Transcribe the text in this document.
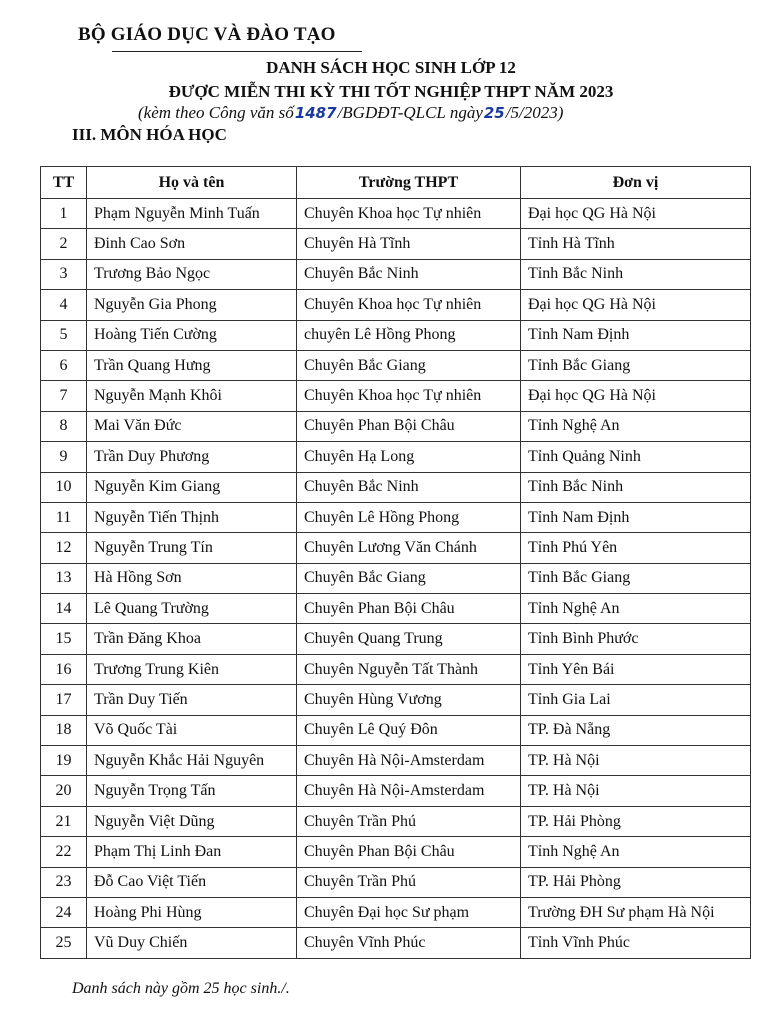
BỘ GIÁO DỤC VÀ ĐÀO TẠO
DANH SÁCH HỌC SINH LỚP 12
ĐƯỢC MIỄN THI KỲ THI TỐT NGHIỆP THPT NĂM 2023
(kèm theo Công văn số1487/BGDĐT-QLCL ngày25/5/2023)
III. MÔN HÓA HỌC
TT	Họ và tên	Trường THPT	Đơn vị
1	Phạm Nguyễn Minh Tuấn	Chuyên Khoa học Tự nhiên	Đại học QG Hà Nội
2	Đinh Cao Sơn	Chuyên Hà Tĩnh	Tỉnh Hà Tĩnh
3	Trương Bảo Ngọc	Chuyên Bắc Ninh	Tỉnh Bắc Ninh
4	Nguyễn Gia Phong	Chuyên Khoa học Tự nhiên	Đại học QG Hà Nội
5	Hoàng Tiến Cường	chuyên Lê Hồng Phong	Tỉnh Nam Định
6	Trần Quang Hưng	Chuyên Bắc Giang	Tỉnh Bắc Giang
7	Nguyễn Mạnh Khôi	Chuyên Khoa học Tự nhiên	Đại học QG Hà Nội
8	Mai Văn Đức	Chuyên Phan Bội Châu	Tỉnh Nghệ An
9	Trần Duy Phương	Chuyên Hạ Long	Tỉnh Quảng Ninh
10	Nguyễn Kim Giang	Chuyên Bắc Ninh	Tỉnh Bắc Ninh
11	Nguyễn Tiến Thịnh	Chuyên Lê Hồng Phong	Tỉnh Nam Định
12	Nguyễn Trung Tín	Chuyên Lương Văn Chánh	Tỉnh Phú Yên
13	Hà Hồng Sơn	Chuyên Bắc Giang	Tỉnh Bắc Giang
14	Lê Quang Trường	Chuyên Phan Bội Châu	Tỉnh Nghệ An
15	Trần Đăng Khoa	Chuyên Quang Trung	Tỉnh Bình Phước
16	Trương Trung Kiên	Chuyên Nguyễn Tất Thành	Tỉnh Yên Bái
17	Trần Duy Tiến	Chuyên Hùng Vương	Tỉnh Gia Lai
18	Võ Quốc Tài	Chuyên Lê Quý Đôn	TP. Đà Nẵng
19	Nguyễn Khắc Hải Nguyên	Chuyên Hà Nội-Amsterdam	TP. Hà Nội
20	Nguyễn Trọng Tấn	Chuyên Hà Nội-Amsterdam	TP. Hà Nội
21	Nguyễn Việt Dũng	Chuyên Trần Phú	TP. Hải Phòng
22	Phạm Thị Linh Đan	Chuyên Phan Bội Châu	Tỉnh Nghệ An
23	Đỗ Cao Việt Tiến	Chuyên Trần Phú	TP. Hải Phòng
24	Hoàng Phi Hùng	Chuyên Đại học Sư phạm	Trường ĐH Sư phạm Hà Nội
25	Vũ Duy Chiến	Chuyên Vĩnh Phúc	Tỉnh Vĩnh Phúc
Danh sách này gồm 25 học sinh./.
